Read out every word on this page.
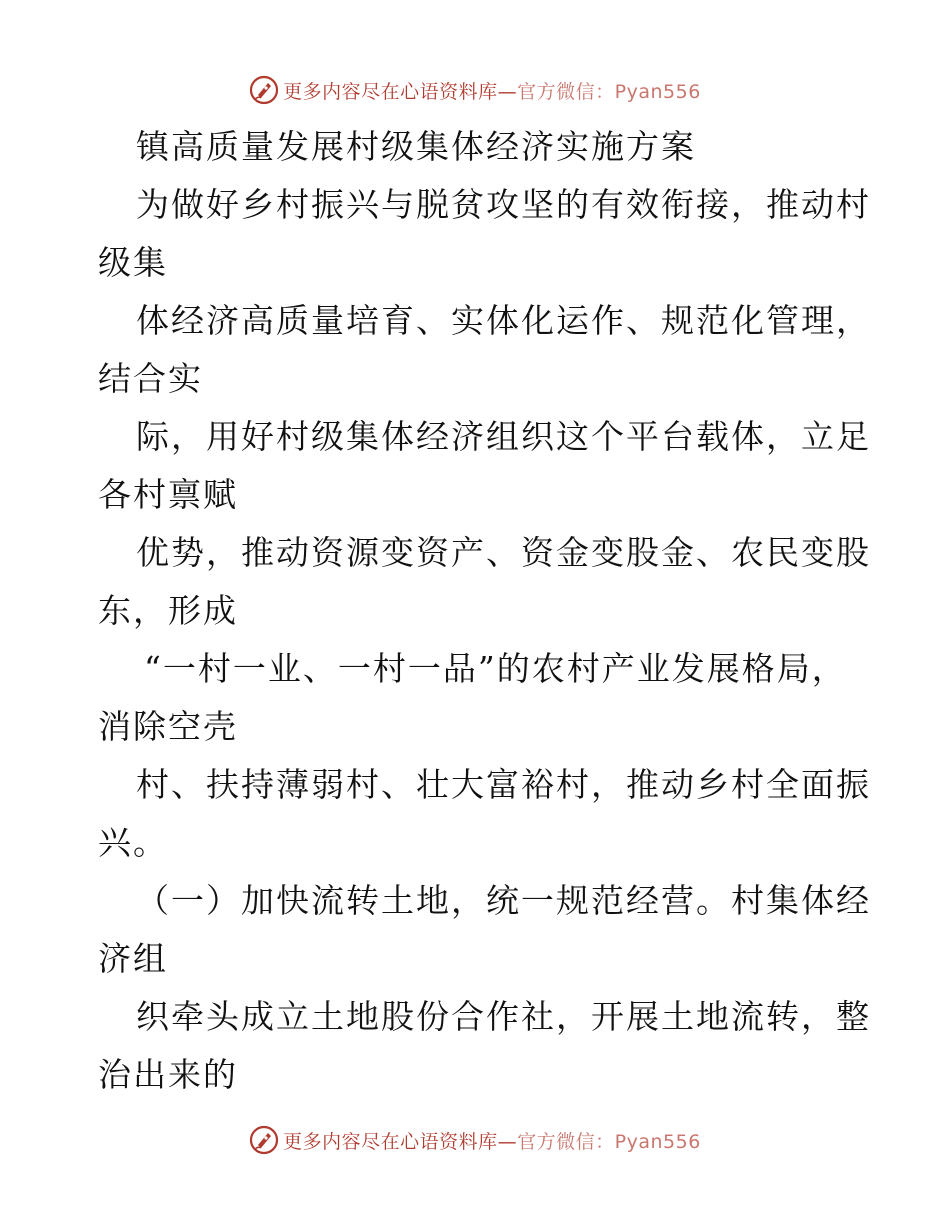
更多内容尽在心语资料库—官方微信：Pyan556
镇高质量发展村级集体经济实施方案
为做好乡村振兴与脱贫攻坚的有效衔接，推动村
级集
体经济高质量培育、实体化运作、规范化管理，
结合实
际，用好村级集体经济组织这个平台载体，立足
各村禀赋
优势，推动资源变资产、资金变股金、农民变股
东，形成
“一村一业、一村一品”的农村产业发展格局，
消除空壳
村、扶持薄弱村、壮大富裕村，推动乡村全面振
兴。
（一）加快流转土地，统一规范经营。村集体经
济组
织牵头成立土地股份合作社，开展土地流转，整
治出来的
更多内容尽在心语资料库—官方微信：Pyan556
